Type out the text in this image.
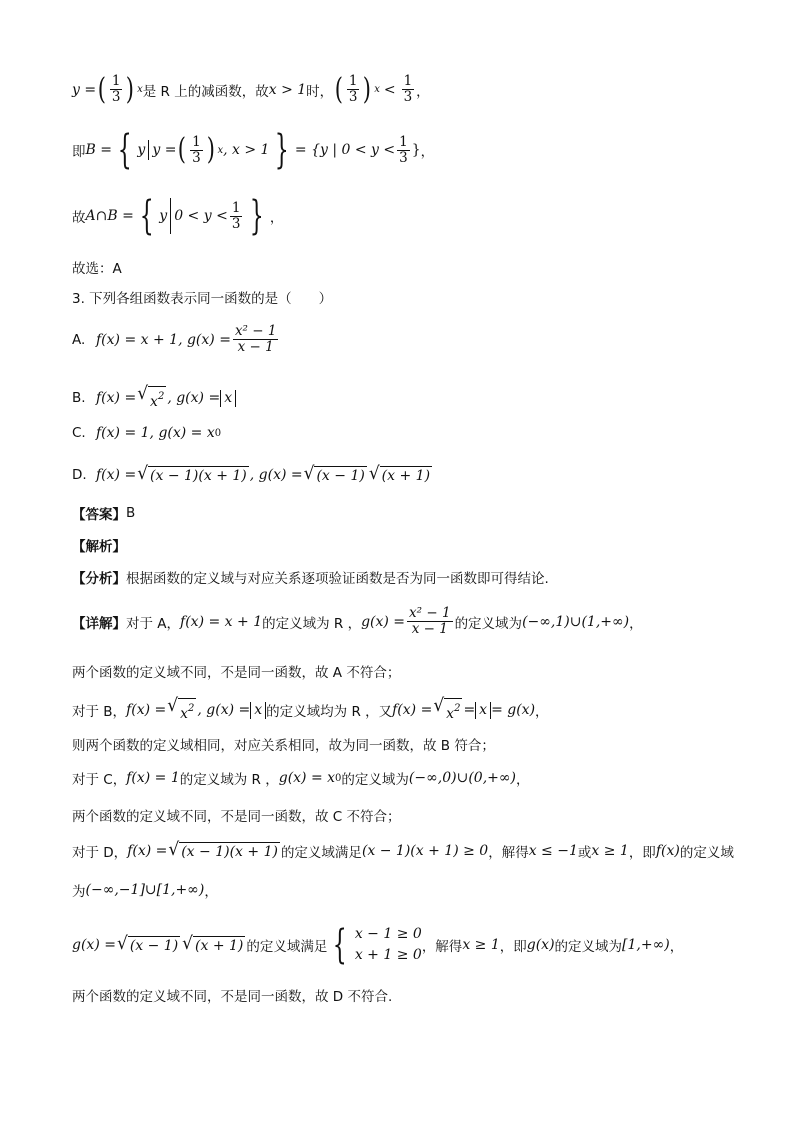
y = ( $\frac{1}{3}$ ) x 是 R 上的减函数，故 x > 1 时， ( $\frac{1}{3}$ ) $x < \frac{1}{3}$ ，
即 B = { y y = ( $\frac{1}{3}$ ) x , x > 1 } = {y | $0 < y < \frac{1}{3}$ } ，
故 A∩B = { y $0 < y < \frac{1}{3}$ } ，
故选：A
3. 下列各组函数表示同一函数的是（　　）
A. f(x) = x + 1, $g(x) = \frac{\text{x² − 1}}{x - 1}$
B. f(x) = √ $x^2$ , g(x) = x
C. f(x) = 1, g(x) = x 0
D. f(x) = √ (x − 1)(x + 1) , g(x) = √ (x − 1) √ (x + 1)
【答案】 B
【解析】
【分析】 根据函数的定义域与对应关系逐项验证函数是否为同一函数即可得结论.
【详解】 对于 A， f(x) = x + 1 的定义域为 R ， $g(x) = \frac{\text{x² − 1}}{x - 1}$ 的定义域为 (−∞,1)∪(1,+∞) ，
两个函数的定义域不同，不是同一函数，故 A 不符合；
对于 B， f(x) = √ $x^2$ , g(x) = x 的定义域均为 R ，又 f(x) = √ $x^2 = x = g(x)$ ，
则两个函数的定义域相同，对应关系相同，故为同一函数，故 B 符合；
对于 C， f(x) = 1 的定义域为 R ， g(x) = x 0 的定义域为 (−∞,0)∪(0,+∞) ，
两个函数的定义域不同，不是同一函数，故 C 不符合；
对于 D， f(x) = √ (x − 1)(x + 1) 的定义域满足 (x − 1)(x + 1) ≥ 0 ，解得 x ≤ −1 或 x ≥ 1 ，即 f(x) 的定义域
为 (−∞,−1]∪[1,+∞) ，
g(x) = √ (x − 1) √ (x + 1) 的定义域满足 { x − 1 ≥ 0
x + 1 ≥ 0 ，解得 x ≥ 1 ，即 g(x) 的定义域为 [1,+∞) ，
两个函数的定义域不同，不是同一函数，故 D 不符合.
